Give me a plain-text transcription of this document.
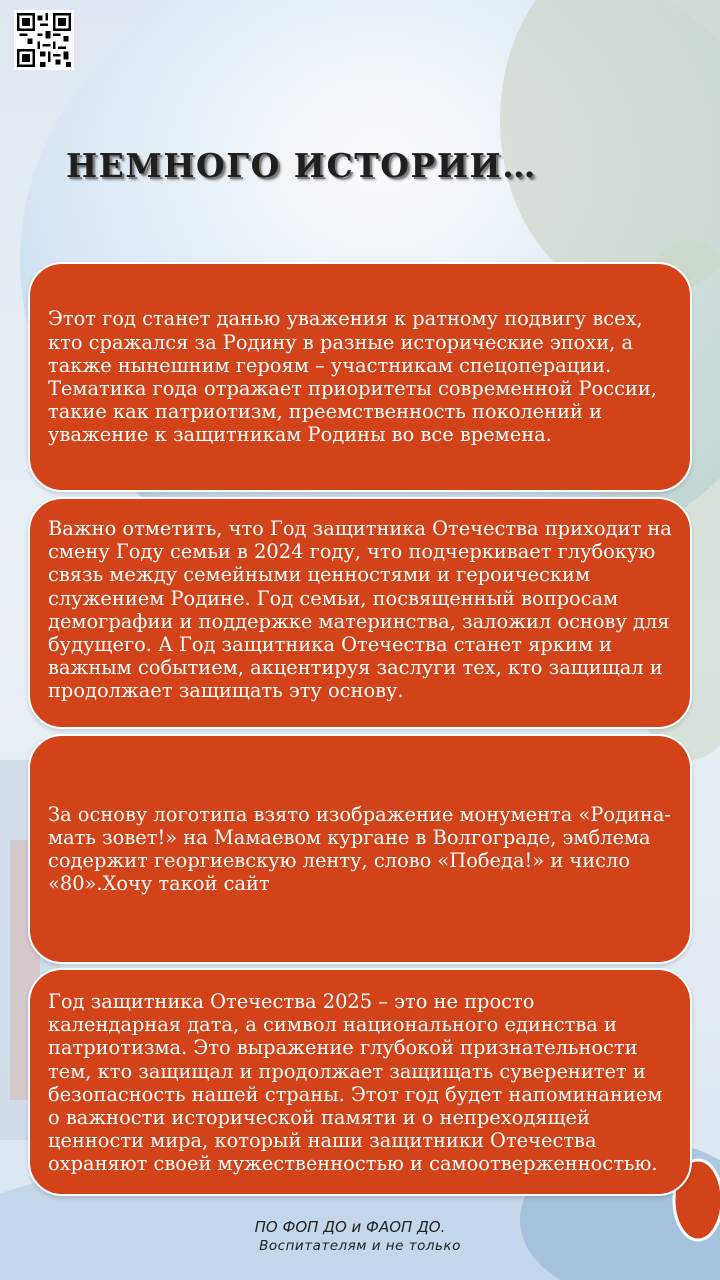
НЕМНОГО ИСТОРИИ…

Этот год станет данью уважения к ратному подвигу всех, кто сражался за Родину в разные исторические эпохи, а также нынешним героям – участникам спецоперации. Тематика года отражает приоритеты современной России, такие как патриотизм, преемственность поколений и уважение к защитникам Родины во все времена.

Важно отметить, что Год защитника Отечества приходит на смену Году семьи в 2024 году, что подчеркивает глубокую связь между семейными ценностями и героическим служением Родине. Год семьи, посвященный вопросам демографии и поддержке материнства, заложил основу для будущего. А Год защитника Отечества станет ярким и важным событием, акцентируя заслуги тех, кто защищал и продолжает защищать эту основу.

За основу логотипа взято изображение монумента «Родина-мать зовет!» на Мамаевом кургане в Волгограде, эмблема содержит георгиевскую ленту, слово «Победа!» и число «80».Хочу такой сайт

Год защитника Отечества 2025 – это не просто календарная дата, а символ национального единства и патриотизма. Это выражение глубокой признательности тем, кто защищал и продолжает защищать суверенитет и безопасность нашей страны. Этот год будет напоминанием о важности исторической памяти и о непреходящей ценности мира, который наши защитники Отечества охраняют своей мужественностью и самоотверженностью.

ПО ФОП ДО и ФАОП ДО.
Воспитателям и не только
